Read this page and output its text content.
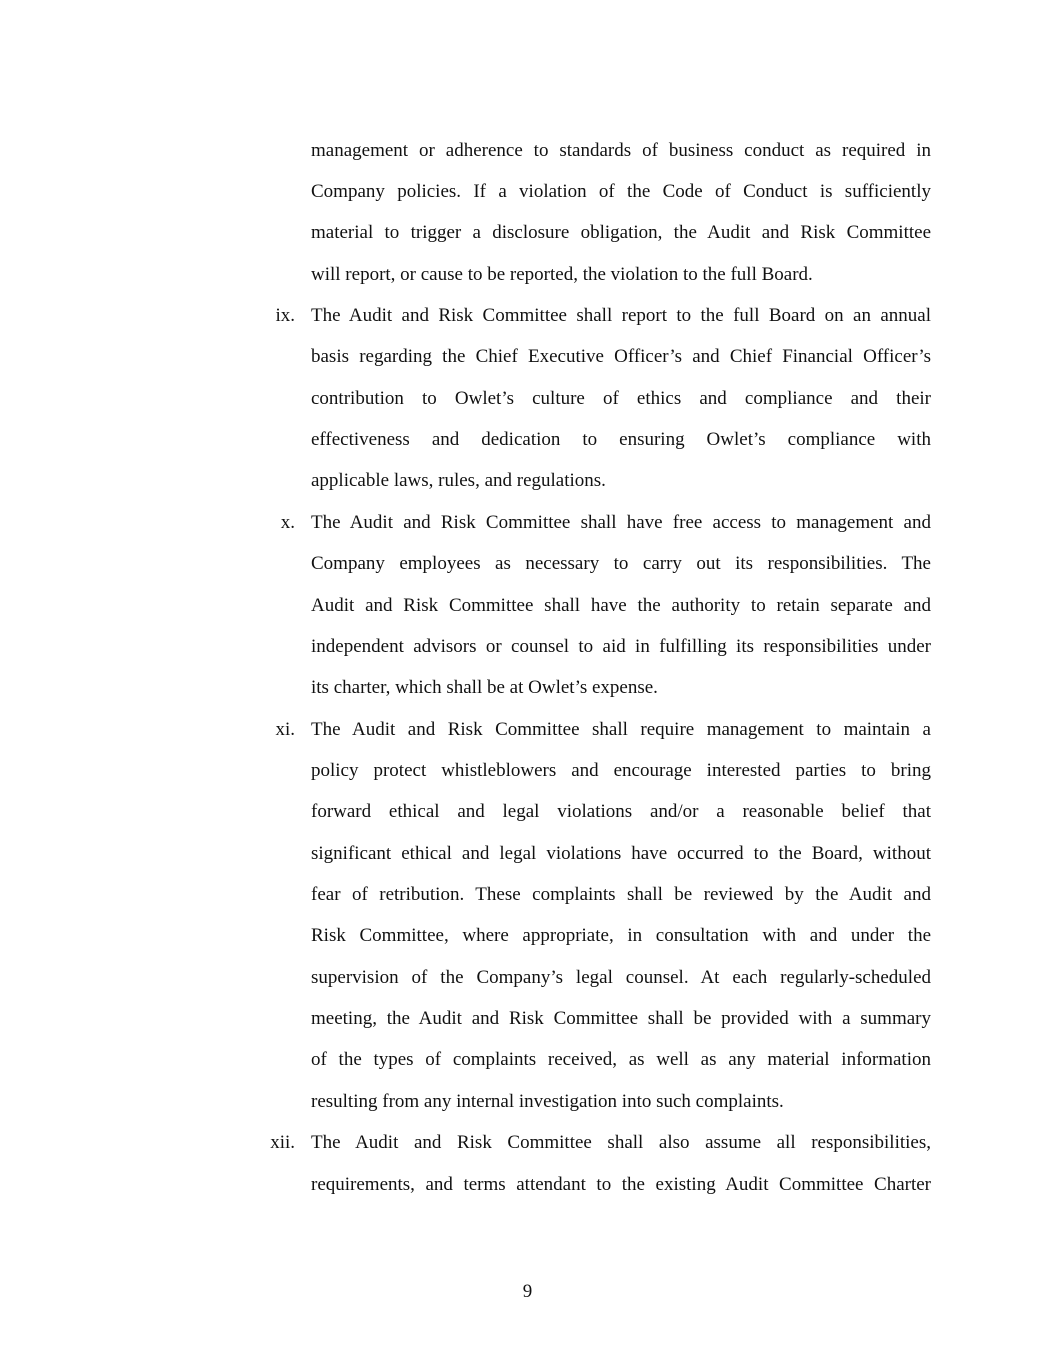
management or adherence to standards of business conduct as required in
Company policies. If a violation of the Code of Conduct is sufficiently
material to trigger a disclosure obligation, the Audit and Risk Committee
will report, or cause to be reported, the violation to the full Board.
ix. The Audit and Risk Committee shall report to the full Board on an annual
basis regarding the Chief Executive Officer’s and Chief Financial Officer’s
contribution to Owlet’s culture of ethics and compliance and their
effectiveness and dedication to ensuring Owlet’s compliance with
applicable laws, rules, and regulations.
x. The Audit and Risk Committee shall have free access to management and
Company employees as necessary to carry out its responsibilities. The
Audit and Risk Committee shall have the authority to retain separate and
independent advisors or counsel to aid in fulfilling its responsibilities under
its charter, which shall be at Owlet’s expense.
xi. The Audit and Risk Committee shall require management to maintain a
policy protect whistleblowers and encourage interested parties to bring
forward ethical and legal violations and/or a reasonable belief that
significant ethical and legal violations have occurred to the Board, without
fear of retribution. These complaints shall be reviewed by the Audit and
Risk Committee, where appropriate, in consultation with and under the
supervision of the Company’s legal counsel. At each regularly-scheduled
meeting, the Audit and Risk Committee shall be provided with a summary
of the types of complaints received, as well as any material information
resulting from any internal investigation into such complaints.
xii. The Audit and Risk Committee shall also assume all responsibilities,
requirements, and terms attendant to the existing Audit Committee Charter
9
